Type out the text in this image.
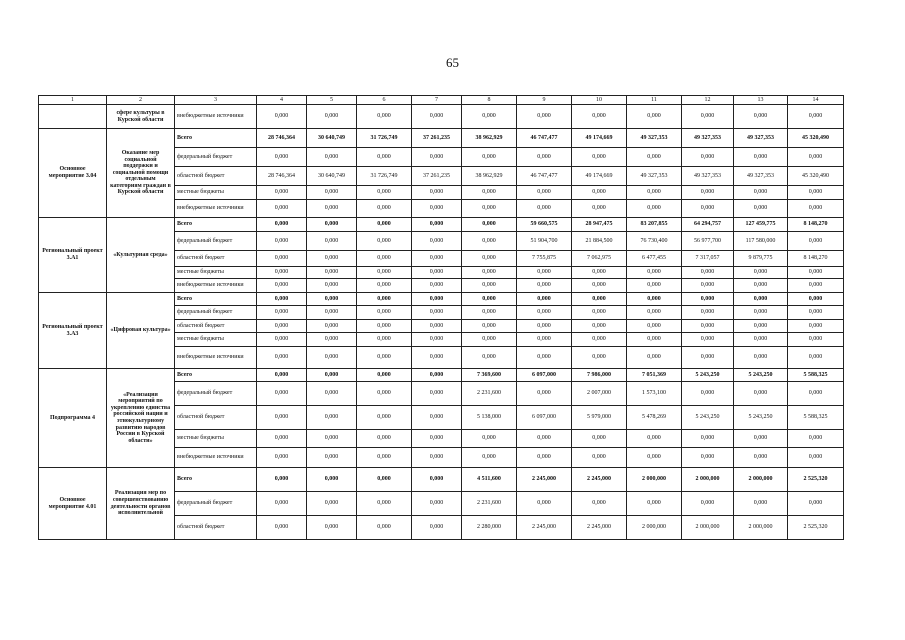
65
1	2	3	4	5	6	7	8	9	10	11	12	13	14
	сфере культуры в Курской области	внебюджетные источники	0,000	0,000	0,000	0,000	0,000	0,000	0,000	0,000	0,000	0,000	0,000
Основное мероприятие 3.04	Оказание мер социальной поддержки и социальной помощи отдельным категориям граждан в Курской области	Всего	28 746,364	30 640,749	31 726,749	37 261,235	38 962,929	46 747,477	49 174,669	49 327,353	49 327,353	49 327,353	45 320,490
		федеральный бюджет	0,000	0,000	0,000	0,000	0,000	0,000	0,000	0,000	0,000	0,000	0,000
		областной бюджет	28 746,364	30 640,749	31 726,749	37 261,235	38 962,929	46 747,477	49 174,669	49 327,353	49 327,353	49 327,353	45 320,490
		местные бюджеты	0,000	0,000	0,000	0,000	0,000	0,000	0,000	0,000	0,000	0,000	0,000
		внебюджетные источники	0,000	0,000	0,000	0,000	0,000	0,000	0,000	0,000	0,000	0,000	0,000
Региональный проект 3.А1	«Культурная среда»	Всего	0,000	0,000	0,000	0,000	0,000	59 660,575	28 947,475	83 207,855	64 294,757	127 459,775	8 148,270
		федеральный бюджет	0,000	0,000	0,000	0,000	0,000	51 904,700	21 884,500	76 730,400	56 977,700	117 580,000	0,000
		областной бюджет	0,000	0,000	0,000	0,000	0,000	7 755,875	7 062,975	6 477,455	7 317,057	9 879,775	8 148,270
		местные бюджеты	0,000	0,000	0,000	0,000	0,000	0,000	0,000	0,000	0,000	0,000	0,000
		внебюджетные источники	0,000	0,000	0,000	0,000	0,000	0,000	0,000	0,000	0,000	0,000	0,000
Региональный проект 3.А3	«Цифровая культура»	Всего	0,000	0,000	0,000	0,000	0,000	0,000	0,000	0,000	0,000	0,000	0,000
		федеральный бюджет	0,000	0,000	0,000	0,000	0,000	0,000	0,000	0,000	0,000	0,000	0,000
		областной бюджет	0,000	0,000	0,000	0,000	0,000	0,000	0,000	0,000	0,000	0,000	0,000
		местные бюджеты	0,000	0,000	0,000	0,000	0,000	0,000	0,000	0,000	0,000	0,000	0,000
		внебюджетные источники	0,000	0,000	0,000	0,000	0,000	0,000	0,000	0,000	0,000	0,000	0,000
Подпрограмма 4	«Реализация мероприятий по укреплению единства российской нации и этнокультурному развитию народов России в Курской области»	Всего	0,000	0,000	0,000	0,000	7 369,600	6 097,000	7 986,000	7 051,369	5 243,250	5 243,250	5 588,325
		федеральный бюджет	0,000	0,000	0,000	0,000	2 231,600	0,000	2 007,000	1 573,100	0,000	0,000	0,000
		областной бюджет	0,000	0,000	0,000	0,000	5 138,000	6 097,000	5 979,000	5 478,269	5 243,250	5 243,250	5 588,325
		местные бюджеты	0,000	0,000	0,000	0,000	0,000	0,000	0,000	0,000	0,000	0,000	0,000
		внебюджетные источники	0,000	0,000	0,000	0,000	0,000	0,000	0,000	0,000	0,000	0,000	0,000
Основное мероприятие 4.01	Реализация мер по совершенствованию деятельности органов исполнительной	Всего	0,000	0,000	0,000	0,000	4 511,600	2 245,000	2 245,000	2 000,000	2 000,000	2 000,000	2 525,320
		федеральный бюджет	0,000	0,000	0,000	0,000	2 231,600	0,000	0,000	0,000	0,000	0,000	0,000
		областной бюджет	0,000	0,000	0,000	0,000	2 280,000	2 245,000	2 245,000	2 000,000	2 000,000	2 000,000	2 525,320
